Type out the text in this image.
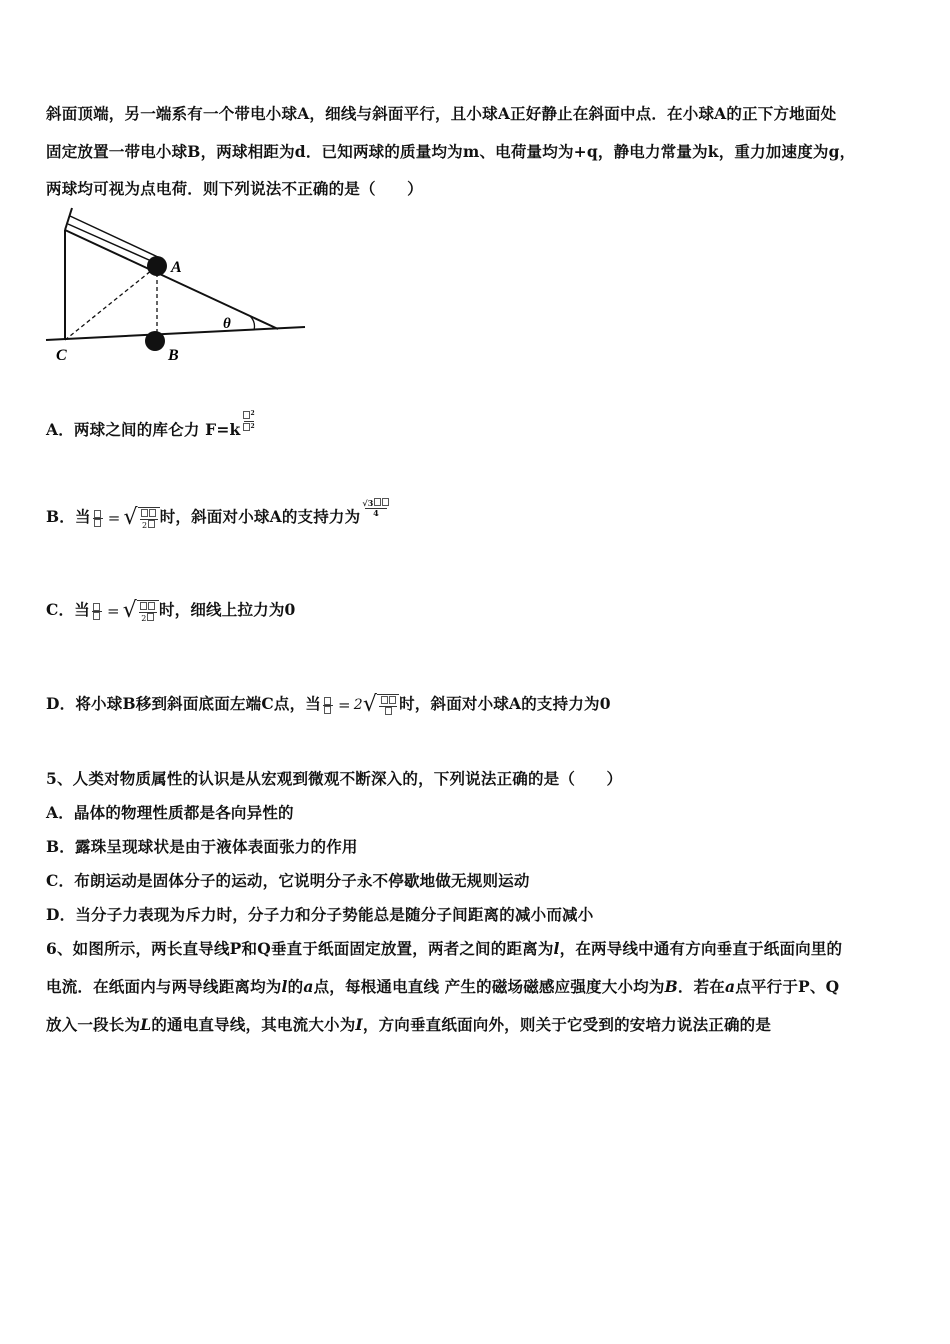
斜面顶端，另一端系有一个带电小球A，细线与斜面平行，且小球A正好静止在斜面中点．在小球A的正下方地面处
固定放置一带电小球B，两球相距为d．已知两球的质量均为m、电荷量均为+q，静电力常量为k，重力加速度为g，
两球均可视为点电荷．则下列说法不正确的是（　　）
A
B
C
θ
A．两球之间的库仑力 $F=k \frac{^2}{^2}$
B．当 = √ 2 时，斜面对小球A的支持力为 $\frac{√3}{4}$
C．当 = √ 2 时，细线上拉力为0
D．将小球B移到斜面底面左端C点，当 = 2 √ 时，斜面对小球A的支持力为0
5、人类对物质属性的认识是从宏观到微观不断深入的，下列说法正确的是（　　）
A．晶体的物理性质都是各向异性的
B．露珠呈现球状是由于液体表面张力的作用
C．布朗运动是固体分子的运动，它说明分子永不停歇地做无规则运动
D．当分子力表现为斥力时，分子力和分子势能总是随分子间距离的减小而减小
6、如图所示，两长直导线P和Q垂直于纸面固定放置，两者之间的距离为l，在两导线中通有方向垂直于纸面向里的
电流．在纸面内与两导线距离均为l的a点，每根通电直线 产生的磁场磁感应强度大小均为B．若在a点平行于P、Q
放入一段长为L的通电直导线，其电流大小为I，方向垂直纸面向外，则关于它受到的安培力说法正确的是
